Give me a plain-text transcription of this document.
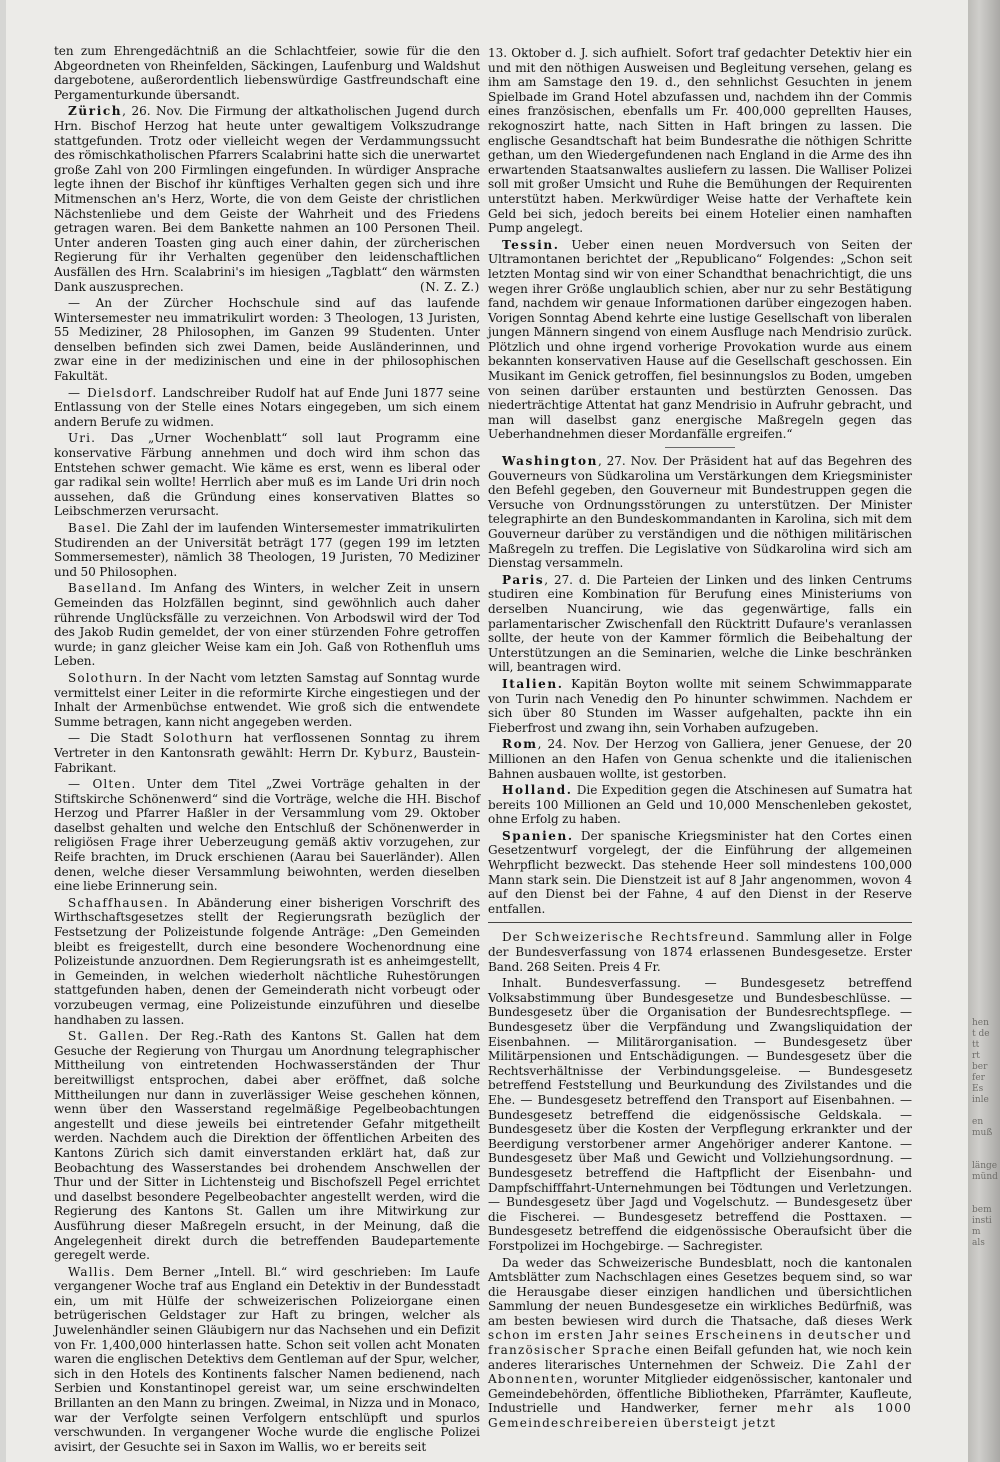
ten zum Ehrengedächtniß an die Schlachtfeier, sowie für die den Abgeordneten von Rheinfelden, Säckingen, Laufenburg und Waldshut dargebotene, außerordentlich liebenswürdige Gastfreundschaft eine Pergamenturkunde übersandt.

Zürich, 26. Nov. Die Firmung der altkatholischen Jugend durch Hrn. Bischof Herzog hat heute unter gewaltigem Volkszudrange stattgefunden. Trotz oder vielleicht wegen der Verdammungssucht des römischkatholischen Pfarrers Scalabrini hatte sich die unerwartet große Zahl von 200 Firmlingen eingefunden. In würdiger Ansprache legte ihnen der Bischof ihr künftiges Verhalten gegen sich und ihre Mitmenschen an's Herz, Worte, die von dem Geiste der christlichen Nächstenliebe und dem Geiste der Wahrheit und des Friedens getragen waren. Bei dem Bankette nahmen an 100 Personen Theil. Unter anderen Toasten ging auch einer dahin, der zürcherischen Regierung für ihr Verhalten gegenüber den leidenschaftlichen Ausfällen des Hrn. Scalabrini's im hiesigen „Tagblatt“ den wärmsten Dank auszusprechen.	(N. Z. Z.)

— An der Zürcher Hochschule sind auf das laufende Wintersemester neu immatrikulirt worden: 3 Theologen, 13 Juristen, 55 Mediziner, 28 Philosophen, im Ganzen 99 Studenten. Unter denselben befinden sich zwei Damen, beide Ausländerinnen, und zwar eine in der medizinischen und eine in der philosophischen Fakultät.

— Dielsdorf. Landschreiber Rudolf hat auf Ende Juni 1877 seine Entlassung von der Stelle eines Notars eingegeben, um sich einem andern Berufe zu widmen.

Uri. Das „Urner Wochenblatt“ soll laut Programm eine konservative Färbung annehmen und doch wird ihm schon das Entstehen schwer gemacht. Wie käme es erst, wenn es liberal oder gar radikal sein wollte! Herrlich aber muß es im Lande Uri drin noch aussehen, daß die Gründung eines konservativen Blattes so Leibschmerzen verursacht.

Basel. Die Zahl der im laufenden Wintersemester immatrikulirten Studirenden an der Universität beträgt 177 (gegen 199 im letzten Sommersemester), nämlich 38 Theologen, 19 Juristen, 70 Mediziner und 50 Philosophen.

Baselland. Im Anfang des Winters, in welcher Zeit in unsern Gemeinden das Holzfällen beginnt, sind gewöhnlich auch daher rührende Unglücksfälle zu verzeichnen. Von Arbodswil wird der Tod des Jakob Rudin gemeldet, der von einer stürzenden Fohre getroffen wurde; in ganz gleicher Weise kam ein Joh. Gaß von Rothenfluh ums Leben.

Solothurn. In der Nacht vom letzten Samstag auf Sonntag wurde vermittelst einer Leiter in die reformirte Kirche eingestiegen und der Inhalt der Armenbüchse entwendet. Wie groß sich die entwendete Summe betragen, kann nicht angegeben werden.

— Die Stadt Solothurn hat verflossenen Sonntag zu ihrem Vertreter in den Kantonsrath gewählt: Herrn Dr. Kyburz, Baustein-Fabrikant.

— Olten. Unter dem Titel „Zwei Vorträge gehalten in der Stiftskirche Schönenwerd“ sind die Vorträge, welche die HH. Bischof Herzog und Pfarrer Haßler in der Versammlung vom 29. Oktober daselbst gehalten und welche den Entschluß der Schönenwerder in religiösen Frage ihrer Ueberzeugung gemäß aktiv vorzugehen, zur Reife brachten, im Druck erschienen (Aarau bei Sauerländer). Allen denen, welche dieser Versammlung beiwohnten, werden dieselben eine liebe Erinnerung sein.

Schaffhausen. In Abänderung einer bisherigen Vorschrift des Wirthschaftsgesetzes stellt der Regierungsrath bezüglich der Festsetzung der Polizeistunde folgende Anträge: „Den Gemeinden bleibt es freigestellt, durch eine besondere Wochenordnung eine Polizeistunde anzuordnen. Dem Regierungsrath ist es anheimgestellt, in Gemeinden, in welchen wiederholt nächtliche Ruhestörungen stattgefunden haben, denen der Gemeinderath nicht vorbeugt oder vorzubeugen vermag, eine Polizeistunde einzuführen und dieselbe handhaben zu lassen.

St. Gallen. Der Reg.-Rath des Kantons St. Gallen hat dem Gesuche der Regierung von Thurgau um Anordnung telegraphischer Mittheilung von eintretenden Hochwasserständen der Thur bereitwilligst entsprochen, dabei aber eröffnet, daß solche Mittheilungen nur dann in zuverlässiger Weise geschehen können, wenn über den Wasserstand regelmäßige Pegelbeobachtungen angestellt und diese jeweils bei eintretender Gefahr mitgetheilt werden. Nachdem auch die Direktion der öffentlichen Arbeiten des Kantons Zürich sich damit einverstanden erklärt hat, daß zur Beobachtung des Wasserstandes bei drohendem Anschwellen der Thur und der Sitter in Lichtensteig und Bischofszell Pegel errichtet und daselbst besondere Pegelbeobachter angestellt werden, wird die Regierung des Kantons St. Gallen um ihre Mitwirkung zur Ausführung dieser Maßregeln ersucht, in der Meinung, daß die Angelegenheit direkt durch die betreffenden Baudepartemente geregelt werde.

Wallis. Dem Berner „Intell. Bl.“ wird geschrieben: Im Laufe vergangener Woche traf aus England ein Detektiv in der Bundesstadt ein, um mit Hülfe der schweizerischen Polizeiorgane einen betrügerischen Geldstager zur Haft zu bringen, welcher als Juwelenhändler seinen Gläubigern nur das Nachsehen und ein Defizit von Fr. 1,400,000 hinterlassen hatte. Schon seit vollen acht Monaten waren die englischen Detektivs dem Gentleman auf der Spur, welcher, sich in den Hotels des Kontinents falscher Namen bedienend, nach Serbien und Konstantinopel gereist war, um seine erschwindelten Brillanten an den Mann zu bringen. Zweimal, in Nizza und in Monaco, war der Verfolgte seinen Verfolgern entschlüpft und spurlos verschwunden. In vergangener Woche wurde die englische Polizei avisirt, der Gesuchte sei in Saxon im Wallis, wo er bereits seit

13. Oktober d. J. sich aufhielt. Sofort traf gedachter Detektiv hier ein und mit den nöthigen Ausweisen und Begleitung versehen, gelang es ihm am Samstage den 19. d., den sehnlichst Gesuchten in jenem Spielbade im Grand Hotel abzufassen und, nachdem ihn der Commis eines französischen, ebenfalls um Fr. 400,000 geprellten Hauses, rekognoszirt hatte, nach Sitten in Haft bringen zu lassen. Die englische Gesandtschaft hat beim Bundesrathe die nöthigen Schritte gethan, um den Wiedergefundenen nach England in die Arme des ihn erwartenden Staatsanwaltes ausliefern zu lassen. Die Walliser Polizei soll mit großer Umsicht und Ruhe die Bemühungen der Requirenten unterstützt haben. Merkwürdiger Weise hatte der Verhaftete kein Geld bei sich, jedoch bereits bei einem Hotelier einen namhaften Pump angelegt.

Tessin. Ueber einen neuen Mordversuch von Seiten der Ultramontanen berichtet der „Republicano“ Folgendes: „Schon seit letzten Montag sind wir von einer Schandthat benachrichtigt, die uns wegen ihrer Größe unglaublich schien, aber nur zu sehr Bestätigung fand, nachdem wir genaue Informationen darüber eingezogen haben. Vorigen Sonntag Abend kehrte eine lustige Gesellschaft von liberalen jungen Männern singend von einem Ausfluge nach Mendrisio zurück. Plötzlich und ohne irgend vorherige Provokation wurde aus einem bekannten konservativen Hause auf die Gesellschaft geschossen. Ein Musikant im Genick getroffen, fiel besinnungslos zu Boden, umgeben von seinen darüber erstaunten und bestürzten Genossen. Das niederträchtige Attentat hat ganz Mendrisio in Aufruhr gebracht, und man will daselbst ganz energische Maßregeln gegen das Ueberhandnehmen dieser Mordanfälle ergreifen.“

Washington, 27. Nov. Der Präsident hat auf das Begehren des Gouverneurs von Südkarolina um Verstärkungen dem Kriegsminister den Befehl gegeben, den Gouverneur mit Bundestruppen gegen die Versuche von Ordnungsstörungen zu unterstützen. Der Minister telegraphirte an den Bundeskommandanten in Karolina, sich mit dem Gouverneur darüber zu verständigen und die nöthigen militärischen Maßregeln zu treffen. Die Legislative von Südkarolina wird sich am Dienstag versammeln.

Paris, 27. d. Die Parteien der Linken und des linken Centrums studiren eine Kombination für Berufung eines Ministeriums von derselben Nuancirung, wie das gegenwärtige, falls ein parlamentarischer Zwischenfall den Rücktritt Dufaure's veranlassen sollte, der heute von der Kammer förmlich die Beibehaltung der Unterstützungen an die Seminarien, welche die Linke beschränken will, beantragen wird.

Italien. Kapitän Boyton wollte mit seinem Schwimmapparate von Turin nach Venedig den Po hinunter schwimmen. Nachdem er sich über 80 Stunden im Wasser aufgehalten, packte ihn ein Fieberfrost und zwang ihn, sein Vorhaben aufzugeben.

Rom, 24. Nov. Der Herzog von Galliera, jener Genuese, der 20 Millionen an den Hafen von Genua schenkte und die italienischen Bahnen ausbauen wollte, ist gestorben.

Holland. Die Expedition gegen die Atschinesen auf Sumatra hat bereits 100 Millionen an Geld und 10,000 Menschenleben gekostet, ohne Erfolg zu haben.

Spanien. Der spanische Kriegsminister hat den Cortes einen Gesetzentwurf vorgelegt, der die Einführung der allgemeinen Wehrpflicht bezweckt. Das stehende Heer soll mindestens 100,000 Mann stark sein. Die Dienstzeit ist auf 8 Jahr angenommen, wovon 4 auf den Dienst bei der Fahne, 4 auf den Dienst in der Reserve entfallen.

Der Schweizerische Rechtsfreund. Sammlung aller in Folge der Bundesverfassung von 1874 erlassenen Bundesgesetze. Erster Band. 268 Seiten. Preis 4 Fr.

Inhalt. Bundesverfassung. — Bundesgesetz betreffend Volksabstimmung über Bundesgesetze und Bundesbeschlüsse. — Bundesgesetz über die Organisation der Bundesrechtspflege. — Bundesgesetz über die Verpfändung und Zwangsliquidation der Eisenbahnen. — Militärorganisation. — Bundesgesetz über Militärpensionen und Entschädigungen. — Bundesgesetz über die Rechtsverhältnisse der Verbindungsgeleise. — Bundesgesetz betreffend Feststellung und Beurkundung des Zivilstandes und die Ehe. — Bundesgesetz betreffend den Transport auf Eisenbahnen. — Bundesgesetz betreffend die eidgenössische Geldskala. — Bundesgesetz über die Kosten der Verpflegung erkrankter und der Beerdigung verstorbener armer Angehöriger anderer Kantone. — Bundesgesetz über Maß und Gewicht und Vollziehungsordnung. — Bundesgesetz betreffend die Haftpflicht der Eisenbahn- und Dampfschifffahrt-Unternehmungen bei Tödtungen und Verletzungen. — Bundesgesetz über Jagd und Vogelschutz. — Bundesgesetz über die Fischerei. — Bundesgesetz betreffend die Posttaxen. — Bundesgesetz betreffend die eidgenössische Oberaufsicht über die Forstpolizei im Hochgebirge. — Sachregister.

Da weder das Schweizerische Bundesblatt, noch die kantonalen Amtsblätter zum Nachschlagen eines Gesetzes bequem sind, so war die Herausgabe dieser einzigen handlichen und übersichtlichen Sammlung der neuen Bundesgesetze ein wirkliches Bedürfniß, was am besten bewiesen wird durch die Thatsache, daß dieses Werk schon im ersten Jahr seines Erscheinens in deutscher und französischer Sprache einen Beifall gefunden hat, wie noch kein anderes literarisches Unternehmen der Schweiz. Die Zahl der Abonnenten, worunter Mitglieder eidgenössischer, kantonaler und Gemeindebehörden, öffentliche Bibliotheken, Pfarrämter, Kaufleute, Industrielle und Handwerker, ferner mehr als 1000 Gemeindeschreibereien übersteigt jetzt

hen
t de
tt
rt
ber
fer
Es
inle

en
muß

länge
münd

bem
insti
m
als
